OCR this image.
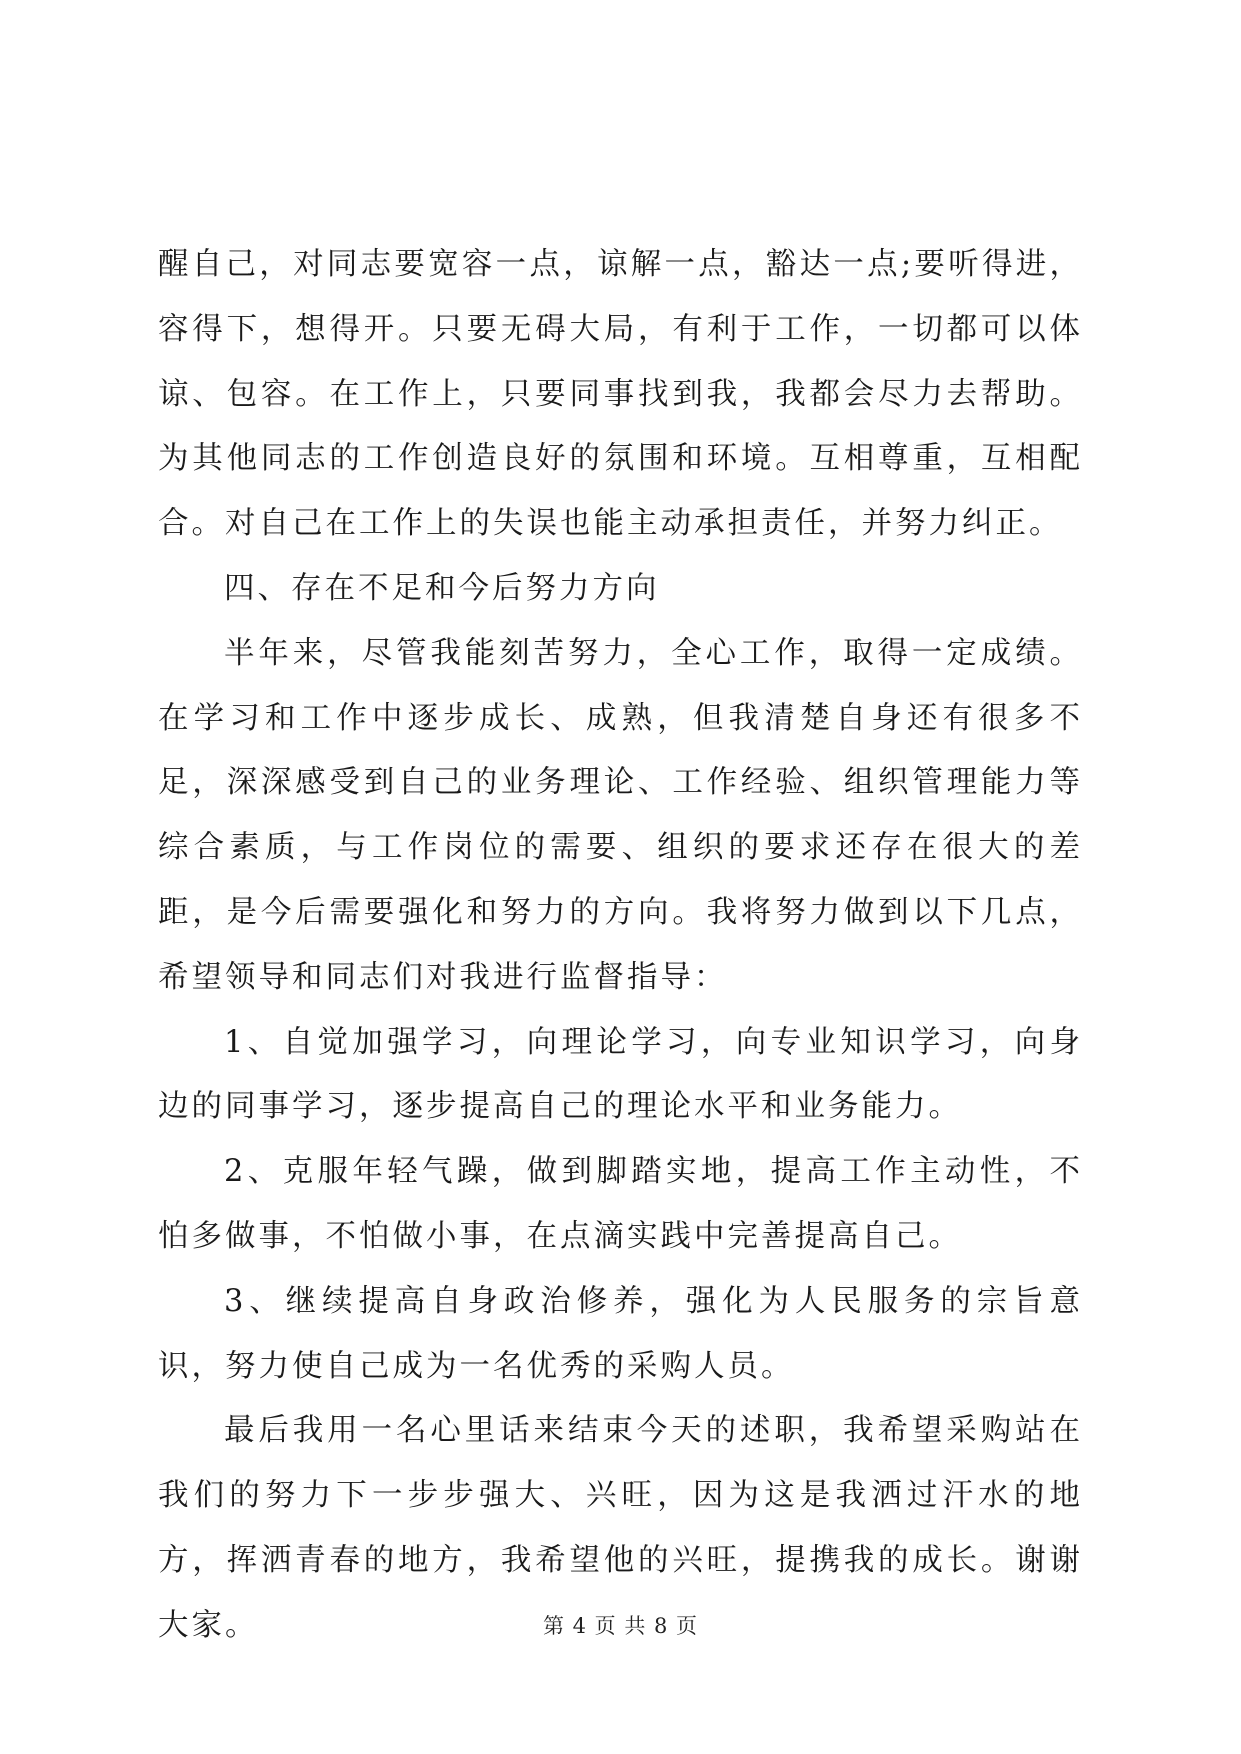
醒自己，对同志要宽容一点，谅解一点，豁达一点;要听得进，容得下，想得开。只要无碍大局，有利于工作，一切都可以体谅、包容。在工作上，只要同事找到我，我都会尽力去帮助。为其他同志的工作创造良好的氛围和环境。互相尊重，互相配合。对自己在工作上的失误也能主动承担责任，并努力纠正。

四、存在不足和今后努力方向

半年来，尽管我能刻苦努力，全心工作，取得一定成绩。在学习和工作中逐步成长、成熟，但我清楚自身还有很多不足，深深感受到自己的业务理论、工作经验、组织管理能力等综合素质，与工作岗位的需要、组织的要求还存在很大的差距，是今后需要强化和努力的方向。我将努力做到以下几点，希望领导和同志们对我进行监督指导：

1、自觉加强学习，向理论学习，向专业知识学习，向身边的同事学习，逐步提高自己的理论水平和业务能力。

2、克服年轻气躁，做到脚踏实地，提高工作主动性，不怕多做事，不怕做小事，在点滴实践中完善提高自己。

3、继续提高自身政治修养，强化为人民服务的宗旨意识，努力使自己成为一名优秀的采购人员。

最后我用一名心里话来结束今天的述职，我希望采购站在我们的努力下一步步强大、兴旺，因为这是我洒过汗水的地方，挥洒青春的地方，我希望他的兴旺，提携我的成长。谢谢大家。	第 4 页 共 8 页
